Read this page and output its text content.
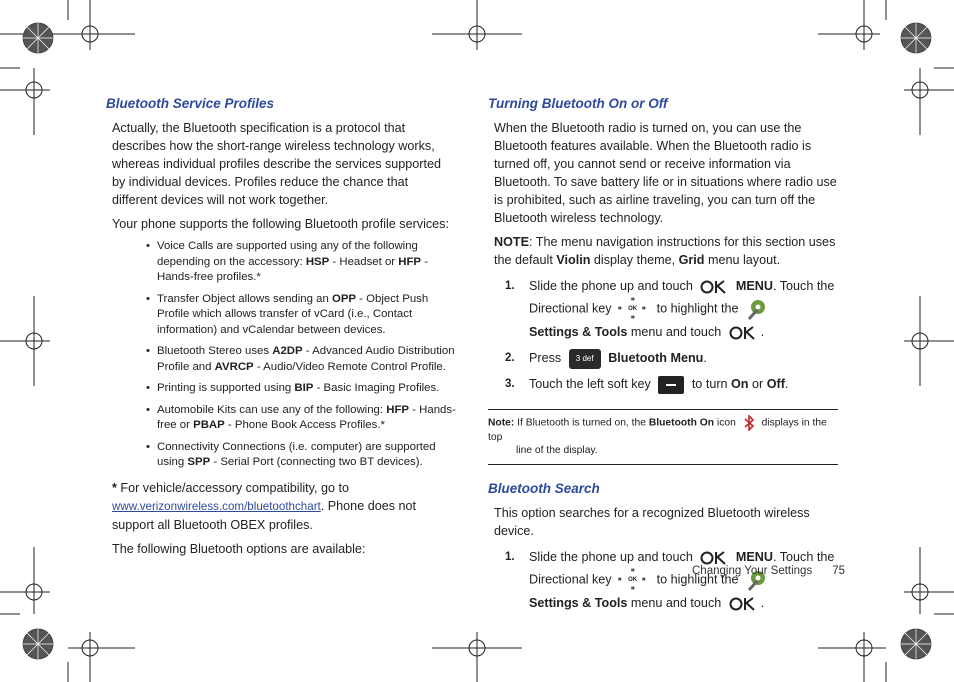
Bluetooth Service Profiles
Actually, the Bluetooth specification is a protocol that describes how the short-range wireless technology works, whereas individual profiles describe the services supported by individual devices. Profiles reduce the chance that different devices will not work together.
Your phone supports the following Bluetooth profile services:
• Voice Calls are supported using any of the following depending on the accessory: HSP - Headset or HFP - Hands-free profiles.*
• Transfer Object allows sending an OPP - Object Push Profile which allows transfer of vCard (i.e., Contact information) and vCalendar between devices.
• Bluetooth Stereo uses A2DP - Advanced Audio Distribution Profile and AVRCP - Audio/Video Remote Control Profile.
• Printing is supported using BIP - Basic Imaging Profiles.
• Automobile Kits can use any of the following: HFP - Hands-free or PBAP - Phone Book Access Profiles.*
• Connectivity Connections (i.e. computer) are supported using SPP - Serial Port (connecting two BT devices).
* For vehicle/accessory compatibility, go to
www.verizonwireless.com/bluetoothchart. Phone does not support all Bluetooth OBEX profiles.
The following Bluetooth options are available:
Turning Bluetooth On or Off
When the Bluetooth radio is turned on, you can use the Bluetooth features available. When the Bluetooth radio is turned off, you cannot send or receive information via Bluetooth. To save battery life or in situations where radio use is prohibited, such as airline traveling, you can turn off the Bluetooth wireless technology.
NOTE: The menu navigation instructions for this section uses the default Violin display theme, Grid menu layout.
1. Slide the phone up and touch	MENU. Touch the
Directional key
⌗
⌗ OK ⌗
⌗
to highlight the
Settings & Tools menu and touch	.
2. Press 3 def Bluetooth Menu.
3. Touch the left soft key	to turn On or Off.
Note: If Bluetooth is turned on, the Bluetooth On icon	displays in the top
line of the display.
Bluetooth Search
This option searches for a recognized Bluetooth wireless device.
1. Slide the phone up and touch	MENU. Touch the
Directional key
⌗
⌗ OK ⌗
⌗
to highlight the
Settings & Tools menu and touch	.
Changing Your Settings 75
